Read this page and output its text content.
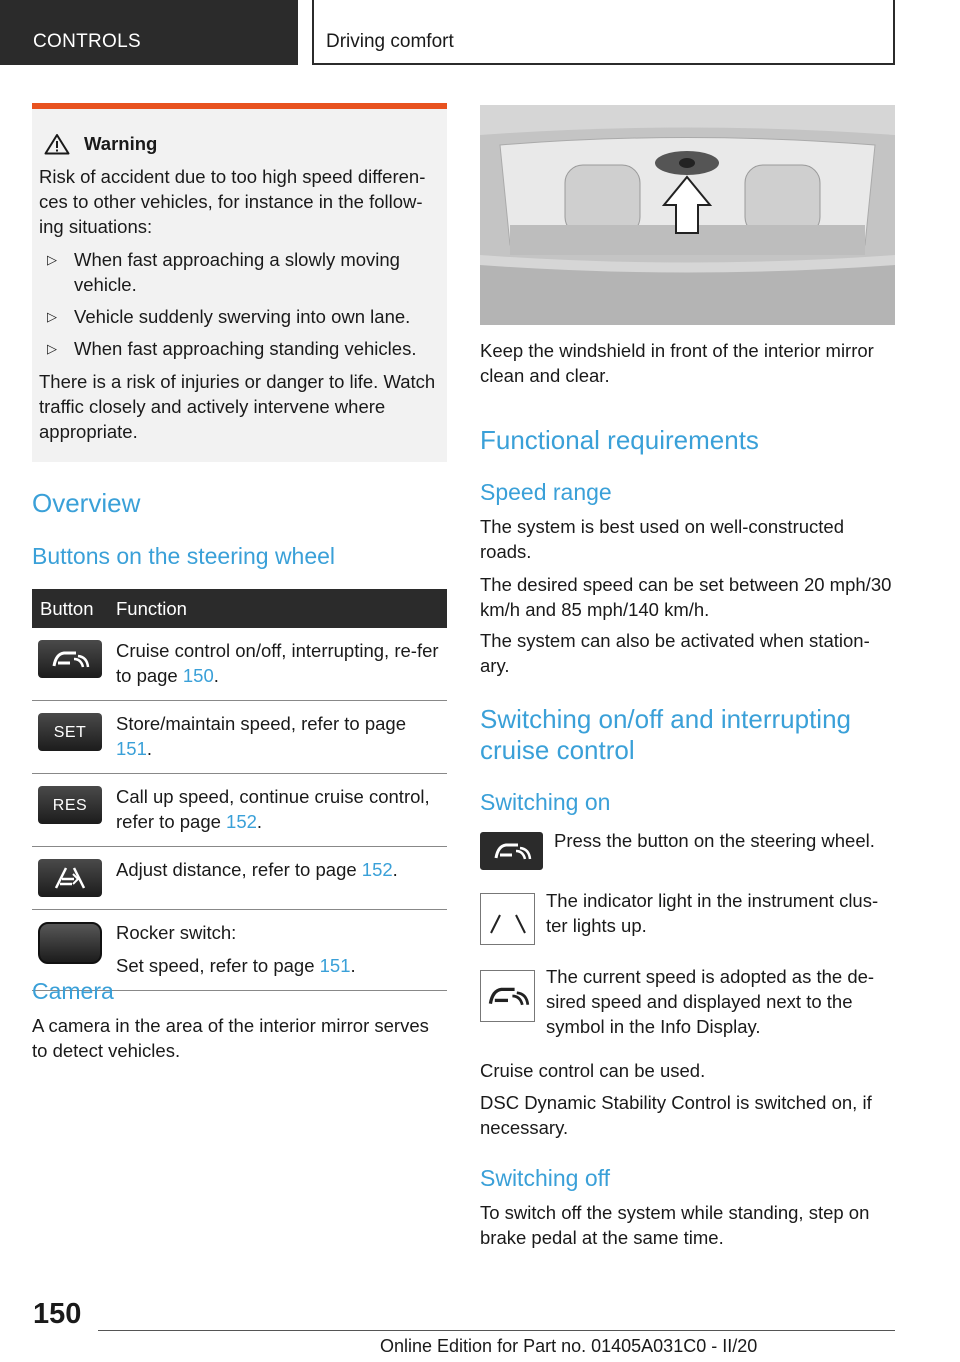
CONTROLS	Driving comfort
Warning

Risk of accident due to too high speed differen-ces to other vehicles, for instance in the follow-ing situations:

▷ When fast approaching a slowly moving vehicle.
▷ Vehicle suddenly swerving into own lane.
▷ When fast approaching standing vehicles.

There is a risk of injuries or danger to life. Watch traffic closely and actively intervene where appropriate.

Overview
Buttons on the steering wheel
Button	Function

	Cruise control on/off, interrupting, re-fer to page 150.

SET	Store/maintain speed, refer to page 151.

RES	Call up speed, continue cruise control, refer to page 152.

	Adjust distance, refer to page 152.

	Rocker switch:

Set speed, refer to page 151.

Camera
A camera in the area of the interior mirror serves to detect vehicles.
Keep the windshield in front of the interior mirror clean and clear.
Functional requirements
Speed range
The system is best used on well-constructed roads.
The desired speed can be set between 20 mph/30 km/h and 85 mph/140 km/h.
The system can also be activated when station-ary.
Switching on/off and interrupting cruise control
Switching on
Press the button on the steering wheel.
The indicator light in the instrument clus-ter lights up.
The current speed is adopted as the de-sired speed and displayed next to the symbol in the Info Display.
Cruise control can be used.
DSC Dynamic Stability Control is switched on, if necessary.
Switching off
To switch off the system while standing, step on brake pedal at the same time.
150
Online Edition for Part no. 01405A031C0 - II/20
